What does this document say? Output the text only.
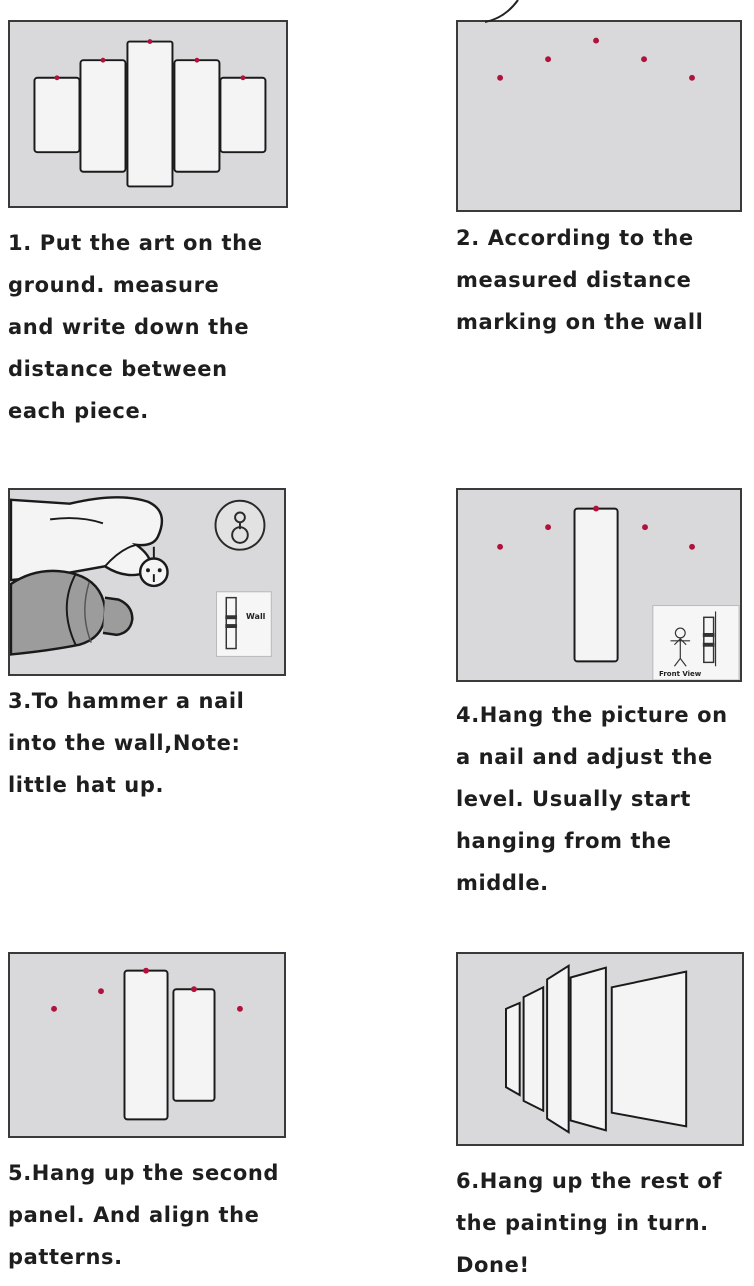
1. Put the art on the
ground. measure
and write down the
distance between
each piece.
2. According to the
measured distance
marking on the wall
Wall
3.To hammer a nail
into the wall,Note:
little hat up.
Front View
4.Hang the picture on
a nail and adjust the
level. Usually start
hanging from the
middle.
5.Hang up the second
panel. And align the
patterns.
6.Hang up the rest of
the painting in turn.
Done!
